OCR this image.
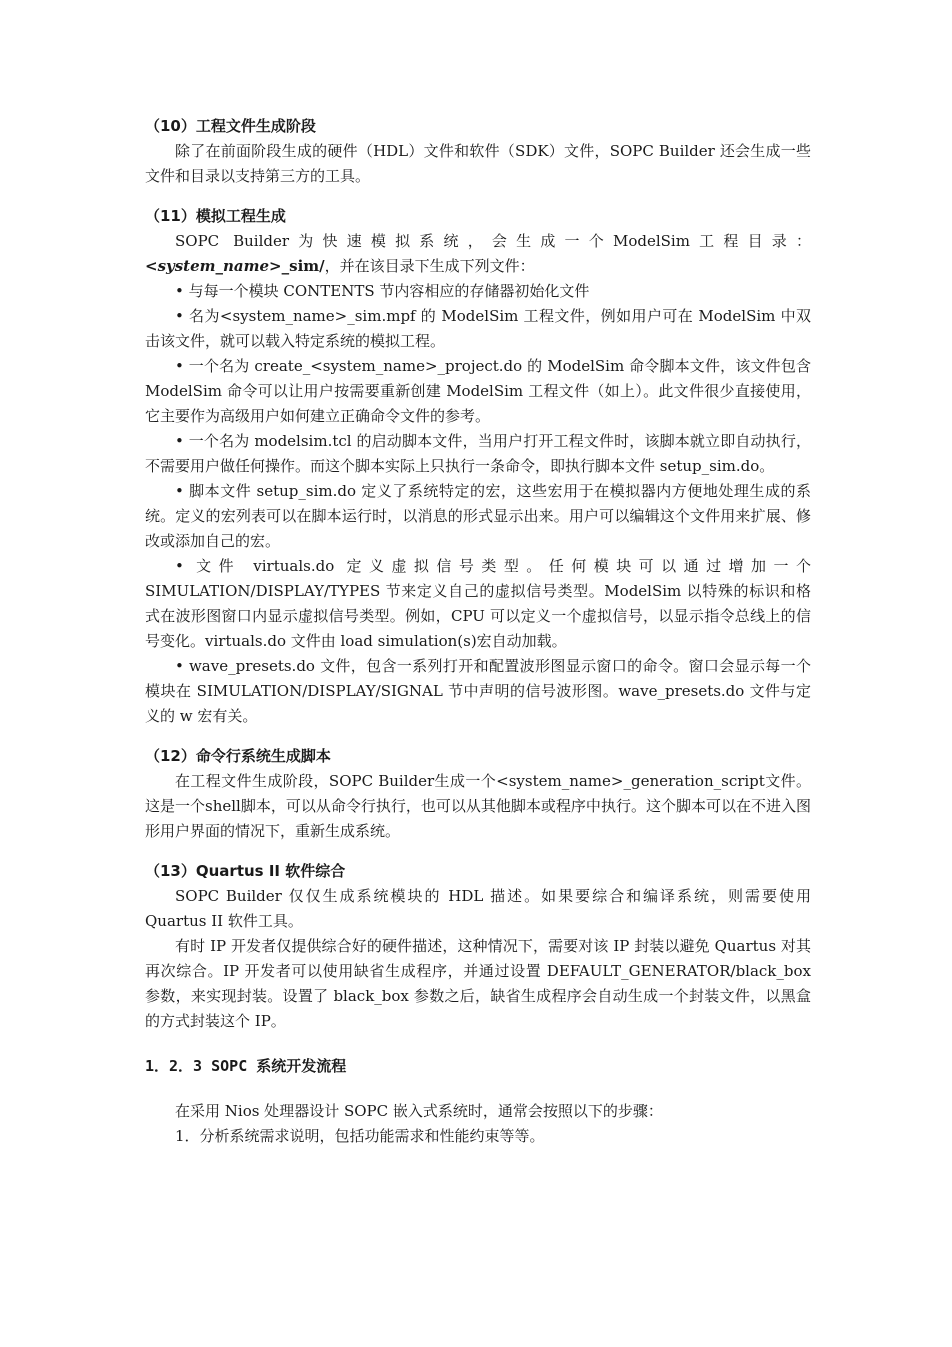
（10）工程文件生成阶段

除了在前面阶段生成的硬件（HDL）文件和软件（SDK）文件，SOPC Builder 还会生成一些文件和目录以支持第三方的工具。

（11）模拟工程生成

SOPC Builder为快速模拟系统，会生成一个ModelSim工程目录：<system_name>_sim/，并在该目录下生成下列文件：

• 与每一个模块 CONTENTS 节内容相应的存储器初始化文件

• 名为<system_name>_sim.mpf 的 ModelSim 工程文件，例如用户可在 ModelSim 中双击该文件，就可以载入特定系统的模拟工程。

• 一个名为 create_<system_name>_project.do 的 ModelSim 命令脚本文件，该文件包含 ModelSim 命令可以让用户按需要重新创建 ModelSim 工程文件（如上）。此文件很少直接使用，它主要作为高级用户如何建立正确命令文件的参考。

• 一个名为 modelsim.tcl 的启动脚本文件，当用户打开工程文件时，该脚本就立即自动执行，不需要用户做任何操作。而这个脚本实际上只执行一条命令，即执行脚本文件 setup_sim.do。

• 脚本文件 setup_sim.do 定义了系统特定的宏，这些宏用于在模拟器内方便地处理生成的系统。定义的宏列表可以在脚本运行时，以消息的形式显示出来。用户可以编辑这个文件用来扩展、修改或添加自己的宏。

• 文件 virtuals.do 定义虚拟信号类型。任何模块可以通过增加一个 SIMULATION/DISPLAY/TYPES 节来定义自己的虚拟信号类型。ModelSim 以特殊的标识和格式在波形图窗口内显示虚拟信号类型。例如，CPU 可以定义一个虚拟信号，以显示指令总线上的信号变化。virtuals.do 文件由 load simulation(s)宏自动加载。

• wave_presets.do 文件，包含一系列打开和配置波形图显示窗口的命令。窗口会显示每一个模块在 SIMULATION/DISPLAY/SIGNAL 节中声明的信号波形图。wave_presets.do 文件与定义的 w 宏有关。

（12）命令行系统生成脚本

在工程文件生成阶段，SOPC Builder生成一个<system_name>_generation_script文件。这是一个shell脚本，可以从命令行执行，也可以从其他脚本或程序中执行。这个脚本可以在不进入图形用户界面的情况下，重新生成系统。

（13）Quartus II 软件综合

SOPC Builder 仅仅生成系统模块的 HDL 描述。如果要综合和编译系统，则需要使用 Quartus II 软件工具。

有时 IP 开发者仅提供综合好的硬件描述，这种情况下，需要对该 IP 封装以避免 Quartus 对其再次综合。IP 开发者可以使用缺省生成程序，并通过设置 DEFAULT_GENERATOR/black_box 参数，来实现封装。设置了 black_box 参数之后，缺省生成程序会自动生成一个封装文件，以黑盒的方式封装这个 IP。

1．2．3 SOPC 系统开发流程

在采用 Nios 处理器设计 SOPC 嵌入式系统时，通常会按照以下的步骤：

1．分析系统需求说明，包括功能需求和性能约束等等。
